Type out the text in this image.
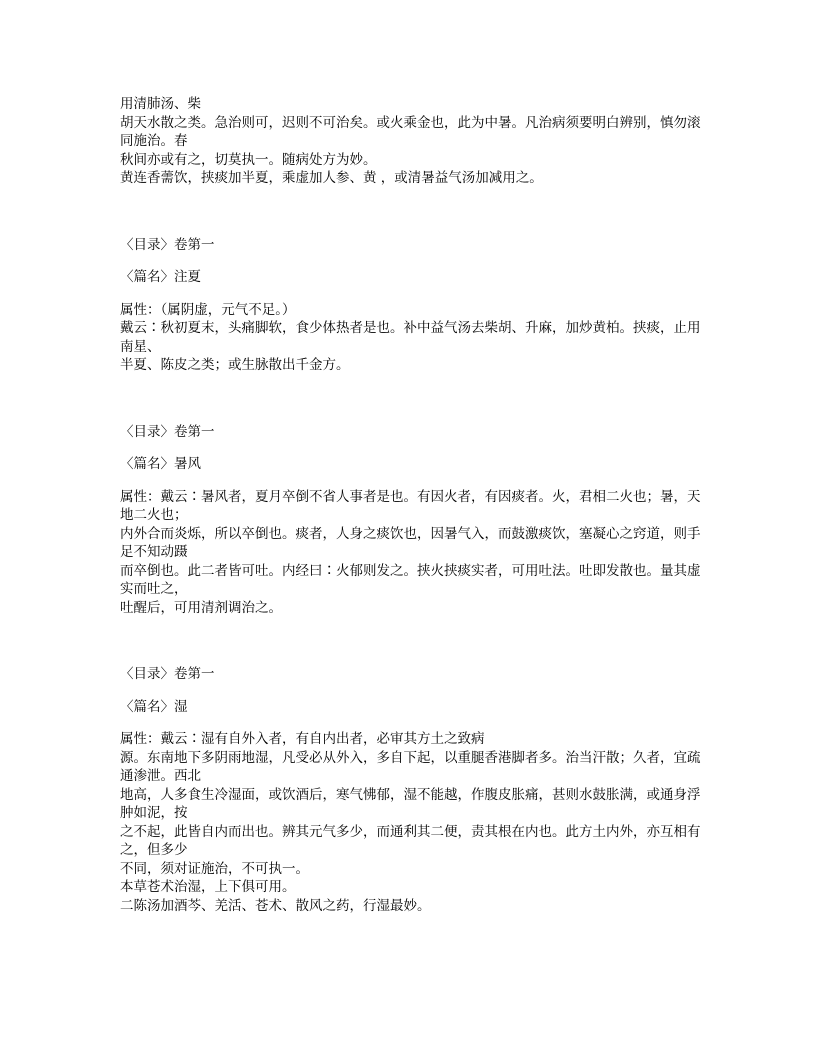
用清肺汤、柴

胡天水散之类。急治则可，迟则不可治矣。或火乘金也，此为中暑。凡治病须要明白辨别，慎勿滚同施治。春

秋间亦或有之，切莫执一。随病处方为妙。

黄连香薷饮，挟痰加半夏，乘虚加人参、黄 ，或清暑益气汤加减用之。

〈目录〉卷第一

〈篇名〉注夏

属性：（属阴虚，元气不足。）

戴云∶秋初夏末，头痛脚软，食少体热者是也。补中益气汤去柴胡、升麻，加炒黄柏。挟痰，止用南星、

半夏、陈皮之类；或生脉散出千金方。

〈目录〉卷第一

〈篇名〉暑风

属性：戴云∶暑风者，夏月卒倒不省人事者是也。有因火者，有因痰者。火，君相二火也；暑，天地二火也；

内外合而炎烁，所以卒倒也。痰者，人身之痰饮也，因暑气入，而鼓激痰饮，塞凝心之窍道，则手足不知动蹑

而卒倒也。此二者皆可吐。内经曰∶火郁则发之。挟火挟痰实者，可用吐法。吐即发散也。量其虚实而吐之，

吐醒后，可用清剂调治之。

〈目录〉卷第一

〈篇名〉湿

属性：戴云∶湿有自外入者，有自内出者，必审其方土之致病

源。东南地下多阴雨地湿，凡受必从外入，多自下起，以重腿香港脚者多。治当汗散；久者，宜疏通渗泄。西北

地高，人多食生冷湿面，或饮酒后，寒气怫郁，湿不能越，作腹皮胀痛，甚则水鼓胀满，或通身浮肿如泥，按

之不起，此皆自内而出也。辨其元气多少，而通利其二便，责其根在内也。此方土内外，亦互相有之，但多少

不同，须对证施治，不可执一。

本草苍术治湿，上下俱可用。

二陈汤加酒芩、羌活、苍术、散风之药，行湿最妙。
